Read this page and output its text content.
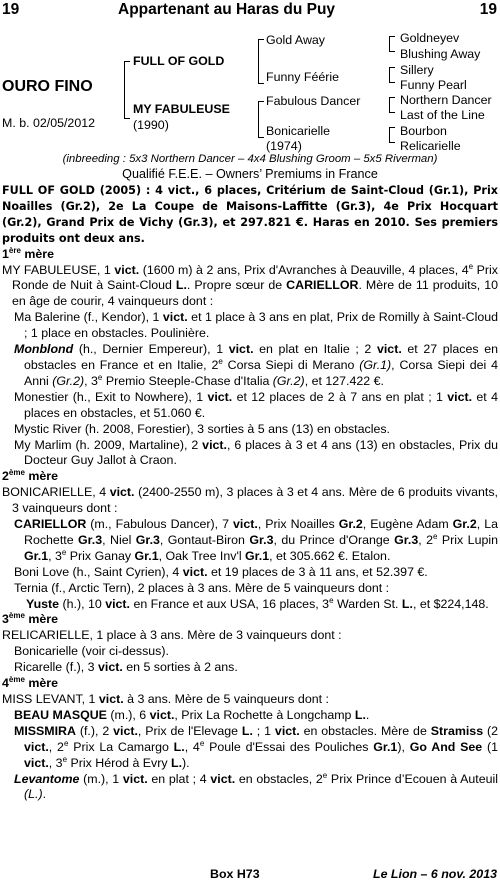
19	Appartenant au Haras du Puy	19
OURO FINO
M. b. 02/05/2012
FULL OF GOLD
MY FABULEUSE
(1990)
Gold Away
Funny Féérie
Fabulous Dancer
Bonicarielle
(1974)
Goldneyev
Blushing Away
Sillery
Funny Pearl
Northern Dancer
Last of the Line
Bourbon
Relicarielle
(inbreeding : 5x3 Northern Dancer – 4x4 Blushing Groom – 5x5 Riverman)
Qualifié F.E.E. – Owners’ Premiums in France

FULL OF GOLD (2005) : 4 vict., 6 places, Critérium de Saint-Cloud (Gr.1), Prix Noailles (Gr.2), 2e La Coupe de Maisons-Laffitte (Gr.3), 4e Prix Hocquart (Gr.2), Grand Prix de Vichy (Gr.3), et 297.821 €. Haras en 2010. Ses premiers produits ont deux ans.

1ère mère

MY FABULEUSE, 1 vict. (1600 m) à 2 ans, Prix d'Avranches à Deauville, 4 places, 4e Prix Ronde de Nuit à Saint-Cloud L.. Propre sœur de CARIELLOR. Mère de 11 produits, 10 en âge de courir, 4 vainqueurs dont :

Ma Balerine (f., Kendor), 1 vict. et 1 place à 3 ans en plat, Prix de Romilly à Saint-Cloud ; 1 place en obstacles. Poulinière.

Monblond (h., Dernier Empereur), 1 vict. en plat en Italie ; 2 vict. et 27 places en obstacles en France et en Italie, 2e Corsa Siepi di Merano (Gr.1), Corsa Siepi dei 4 Anni (Gr.2), 3e Premio Steeple-Chase d'Italia (Gr.2), et 127.422 €.

Monestier (h., Exit to Nowhere), 1 vict. et 12 places de 2 à 7 ans en plat ; 1 vict. et 4 places en obstacles, et 51.060 €.

Mystic River (h. 2008, Forestier), 3 sorties à 5 ans (13) en obstacles.

My Marlim (h. 2009, Martaline), 2 vict., 6 places à 3 et 4 ans (13) en obstacles, Prix du Docteur Guy Jallot à Craon.

2ème mère

BONICARIELLE, 4 vict. (2400-2550 m), 3 places à 3 et 4 ans. Mère de 6 produits vivants, 3 vainqueurs dont :

CARIELLOR (m., Fabulous Dancer), 7 vict., Prix Noailles Gr.2, Eugène Adam Gr.2, La Rochette Gr.3, Niel Gr.3, Gontaut-Biron Gr.3, du Prince d'Orange Gr.3, 2e Prix Lupin Gr.1, 3e Prix Ganay Gr.1, Oak Tree Inv'l Gr.1, et 305.662 €. Etalon.

Boni Love (h., Saint Cyrien), 4 vict. et 19 places de 3 à 11 ans, et 52.397 €.

Ternia (f., Arctic Tern), 2 places à 3 ans. Mère de 5 vainqueurs dont :

Yuste (h.), 10 vict. en France et aux USA, 16 places, 3e Warden St. L., et $224,148.

3ème mère

RELICARIELLE, 1 place à 3 ans. Mère de 3 vainqueurs dont :

Bonicarielle (voir ci-dessus).

Ricarelle (f.), 3 vict. en 5 sorties à 2 ans.

4ème mère

MISS LEVANT, 1 vict. à 3 ans. Mère de 5 vainqueurs dont :

BEAU MASQUE (m.), 6 vict., Prix La Rochette à Longchamp L..

MISSMIRA (f.), 2 vict., Prix de l'Elevage L. ; 1 vict. en obstacles. Mère de Stramiss (2 vict., 2e Prix La Camargo L., 4e Poule d'Essai des Pouliches Gr.1), Go And See (1 vict., 3e Prix Hérod à Evry L.).

Levantome (m.), 1 vict. en plat ; 4 vict. en obstacles, 2e Prix Prince d’Ecouen à Auteuil (L.).

Box H73	Le Lion – 6 nov. 2013
